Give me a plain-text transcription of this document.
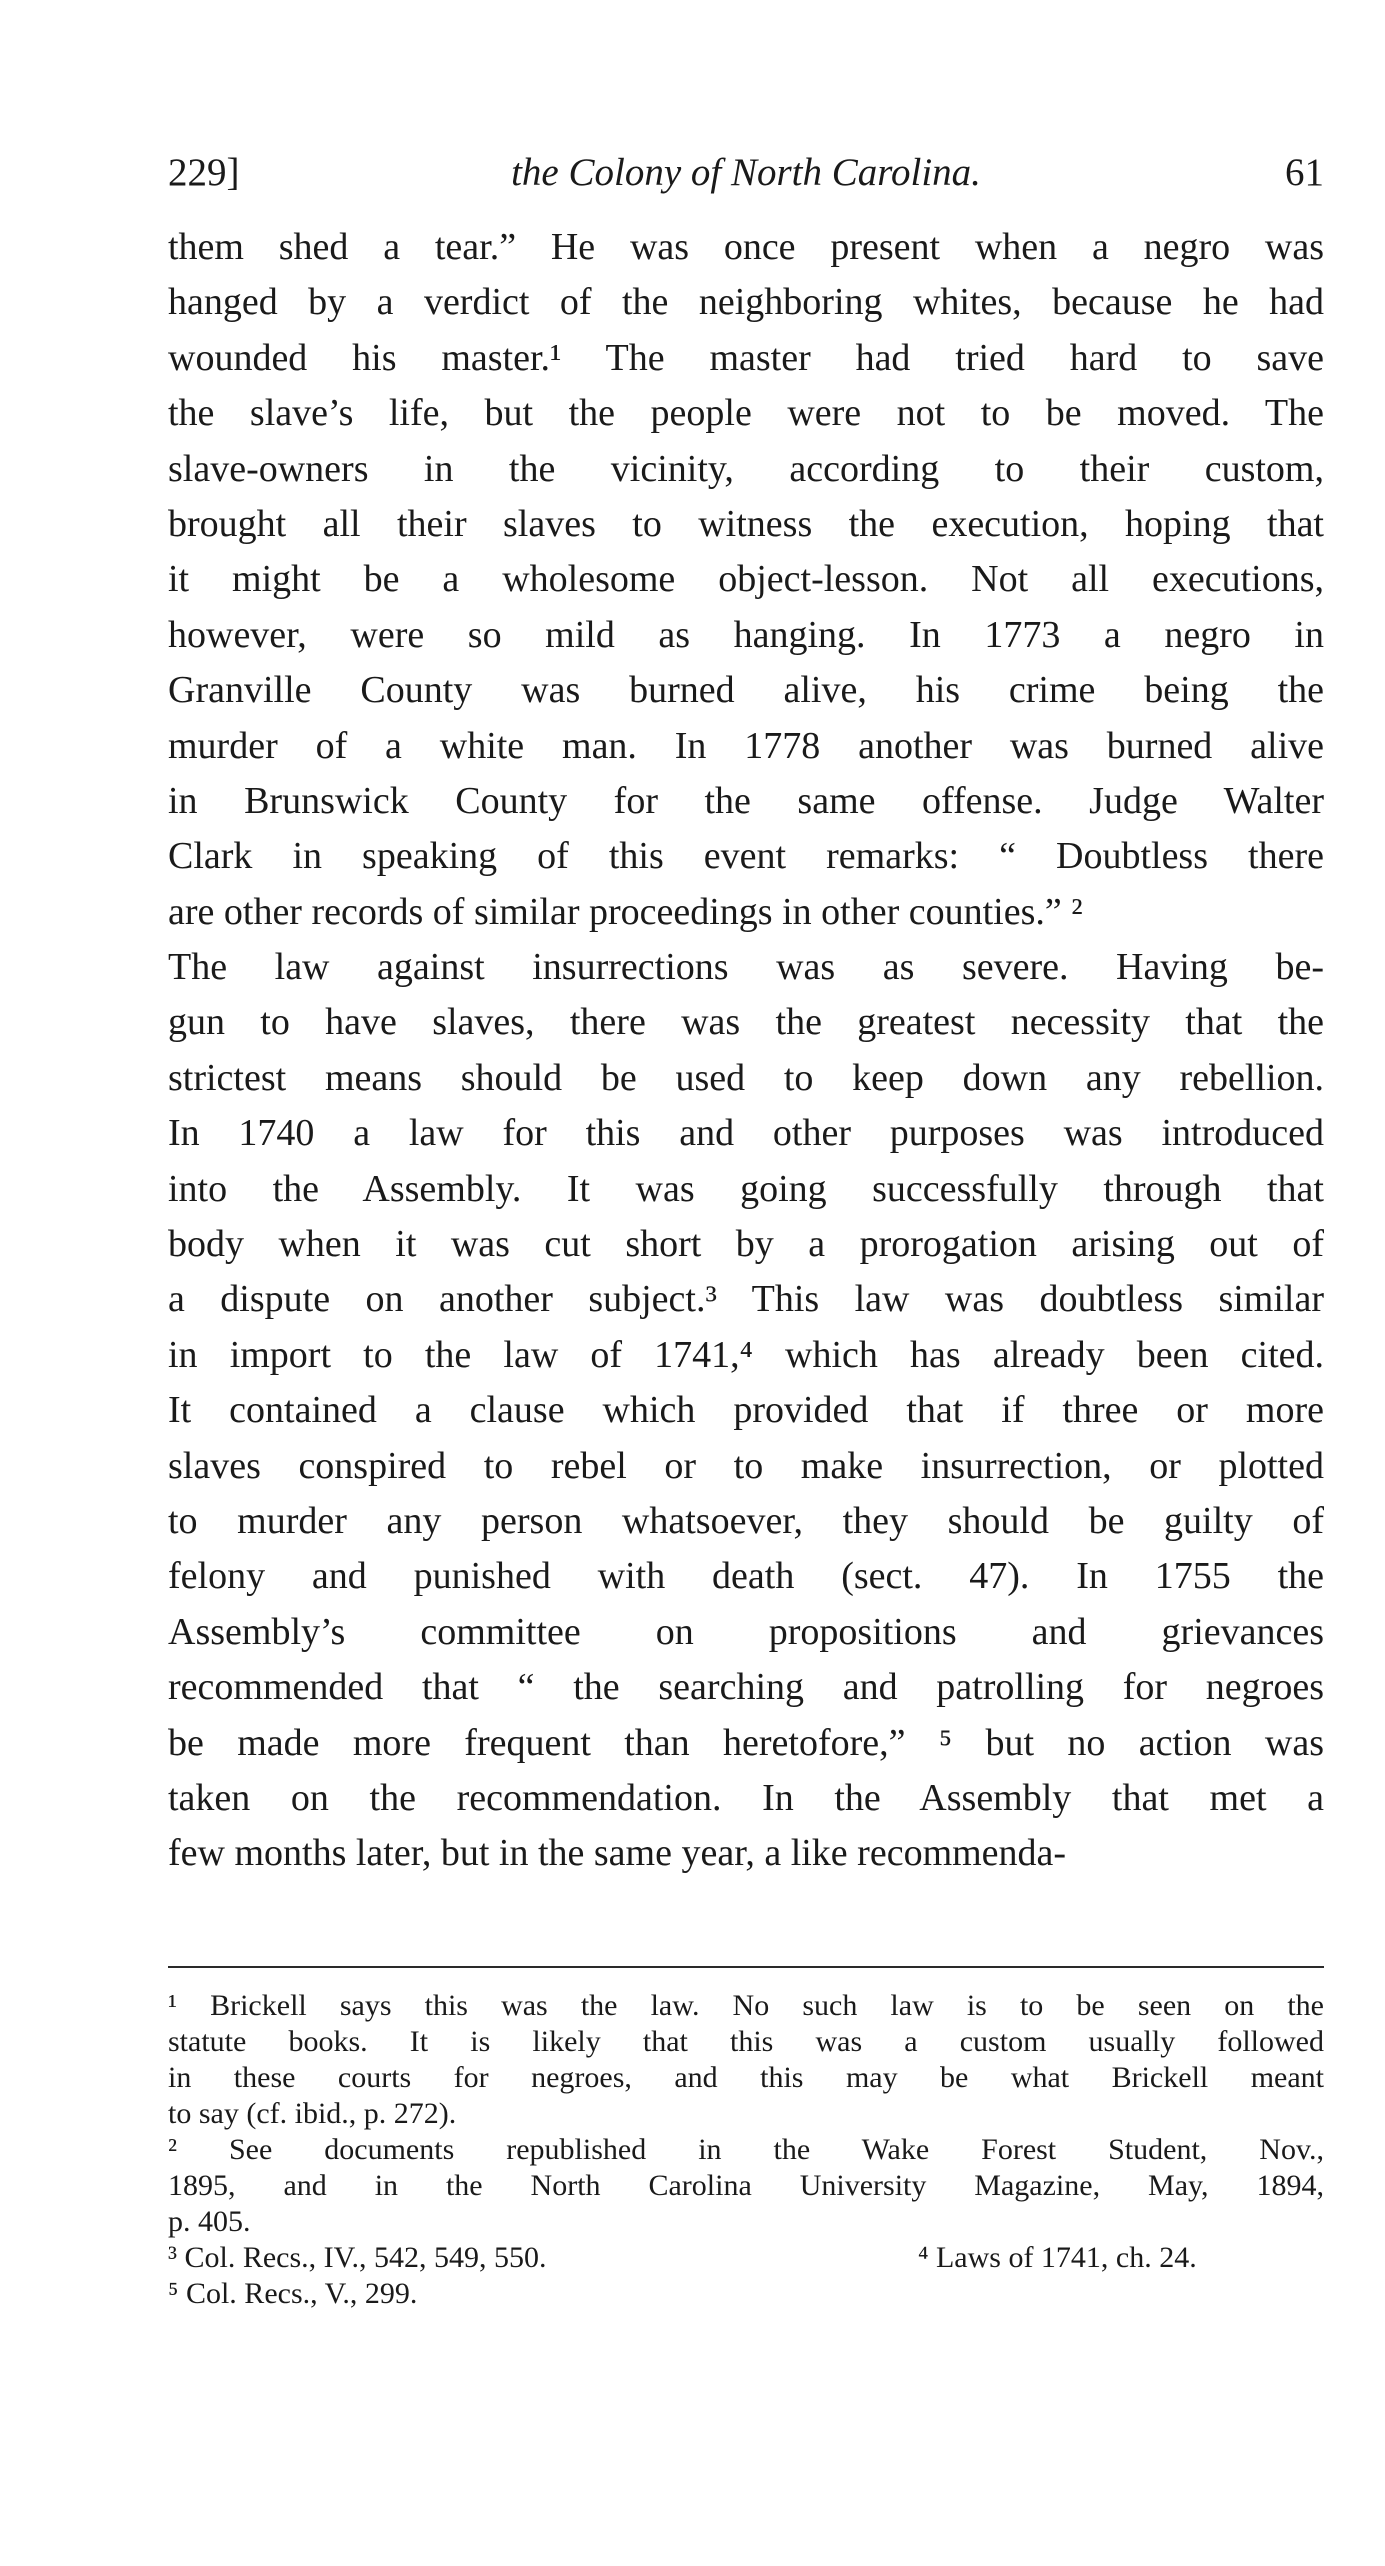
229]	the Colony of North Carolina.	61
them shed a tear.” He was once present when a negro was
hanged by a verdict of the neighboring whites, because he had
wounded his master.¹ The master had tried hard to save
the slave’s life, but the people were not to be moved. The
slave-owners in the vicinity, according to their custom,
brought all their slaves to witness the execution, hoping that
it might be a wholesome object-lesson. Not all executions,
however, were so mild as hanging. In 1773 a negro in
Granville County was burned alive, his crime being the
murder of a white man. In 1778 another was burned alive
in Brunswick County for the same offense. Judge Walter
Clark in speaking of this event remarks: “ Doubtless there
are other records of similar proceedings in other counties.” ²
The law against insurrections was as severe. Having be-
gun to have slaves, there was the greatest necessity that the
strictest means should be used to keep down any rebellion.
In 1740 a law for this and other purposes was introduced
into the Assembly. It was going successfully through that
body when it was cut short by a prorogation arising out of
a dispute on another subject.³ This law was doubtless similar
in import to the law of 1741,⁴ which has already been cited.
It contained a clause which provided that if three or more
slaves conspired to rebel or to make insurrection, or plotted
to murder any person whatsoever, they should be guilty of
felony and punished with death (sect. 47). In 1755 the
Assembly’s committee on propositions and grievances
recommended that “ the searching and patrolling for negroes
be made more frequent than heretofore,” ⁵ but no action was
taken on the recommendation. In the Assembly that met a
few months later, but in the same year, a like recommenda-
¹ Brickell says this was the law. No such law is to be seen on the
statute books. It is likely that this was a custom usually followed
in these courts for negroes, and this may be what Brickell meant
to say (cf. ibid., p. 272).
² See documents republished in the Wake Forest Student, Nov.,
1895, and in the North Carolina University Magazine, May, 1894,
p. 405.
³ Col. Recs., IV., 542, 549, 550.	⁴ Laws of 1741, ch. 24.
⁵ Col. Recs., V., 299.
